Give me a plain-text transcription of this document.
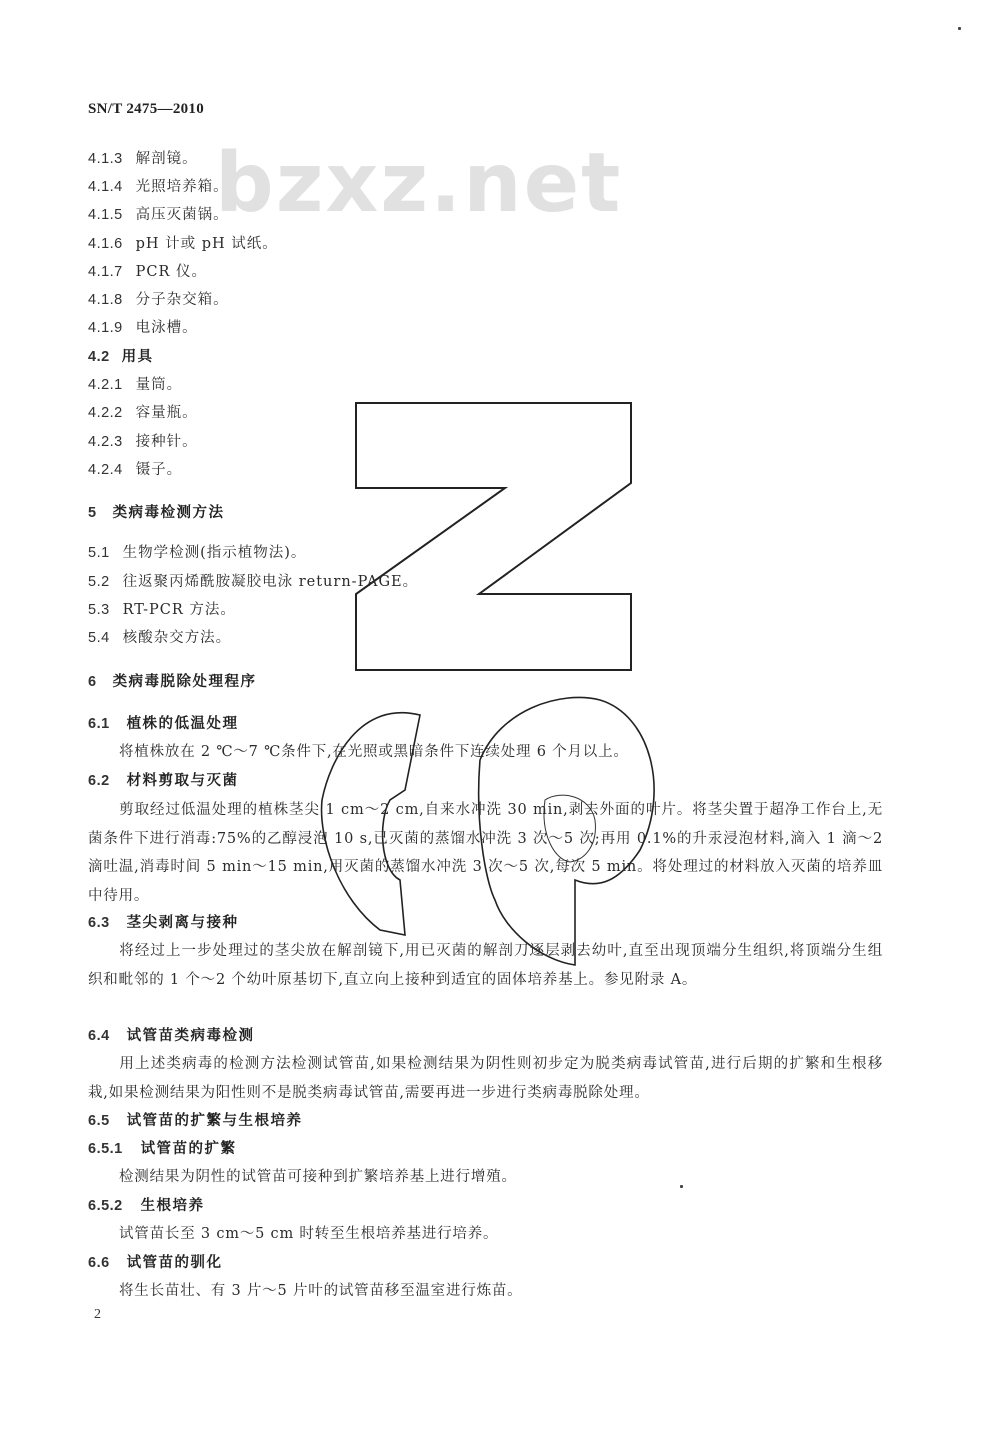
bzxz.net
SN/T 2475—2010
4.1.3 解剖镜。
4.1.4 光照培养箱。
4.1.5 高压灭菌锅。
4.1.6 pH 计或 pH 试纸。
4.1.7 PCR 仪。
4.1.8 分子杂交箱。
4.1.9 电泳槽。
4.2 用具
4.2.1 量筒。
4.2.2 容量瓶。
4.2.3 接种针。
4.2.4 镊子。
5 类病毒检测方法
5.1 生物学检测(指示植物法)。
5.2 往返聚丙烯酰胺凝胶电泳 return-PAGE。
5.3 RT-PCR 方法。
5.4 核酸杂交方法。
6 类病毒脱除处理程序
6.1 植株的低温处理
将植株放在 2 ℃～7 ℃条件下,在光照或黑暗条件下连续处理 6 个月以上。
6.2 材料剪取与灭菌
剪取经过低温处理的植株茎尖 1 cm～2 cm,自来水冲洗 30 min,剥去外面的叶片。将茎尖置于超净工作台上,无菌条件下进行消毒:75%的乙醇浸泡 10 s,已灭菌的蒸馏水冲洗 3 次～5 次;再用 0.1%的升汞浸泡材料,滴入 1 滴～2 滴吐温,消毒时间 5 min～15 min,用灭菌的蒸馏水冲洗 3 次～5 次,每次 5 min。将处理过的材料放入灭菌的培养皿中待用。
6.3 茎尖剥离与接种
将经过上一步处理过的茎尖放在解剖镜下,用已灭菌的解剖刀逐层剥去幼叶,直至出现顶端分生组织,将顶端分生组织和毗邻的 1 个～2 个幼叶原基切下,直立向上接种到适宜的固体培养基上。参见附录 A。
6.4 试管苗类病毒检测
用上述类病毒的检测方法检测试管苗,如果检测结果为阴性则初步定为脱类病毒试管苗,进行后期的扩繁和生根移栽,如果检测结果为阳性则不是脱类病毒试管苗,需要再进一步进行类病毒脱除处理。
6.5 试管苗的扩繁与生根培养
6.5.1 试管苗的扩繁
检测结果为阴性的试管苗可接种到扩繁培养基上进行增殖。
6.5.2 生根培养
试管苗长至 3 cm～5 cm 时转至生根培养基进行培养。
6.6 试管苗的驯化
将生长苗壮、有 3 片～5 片叶的试管苗移至温室进行炼苗。
2
